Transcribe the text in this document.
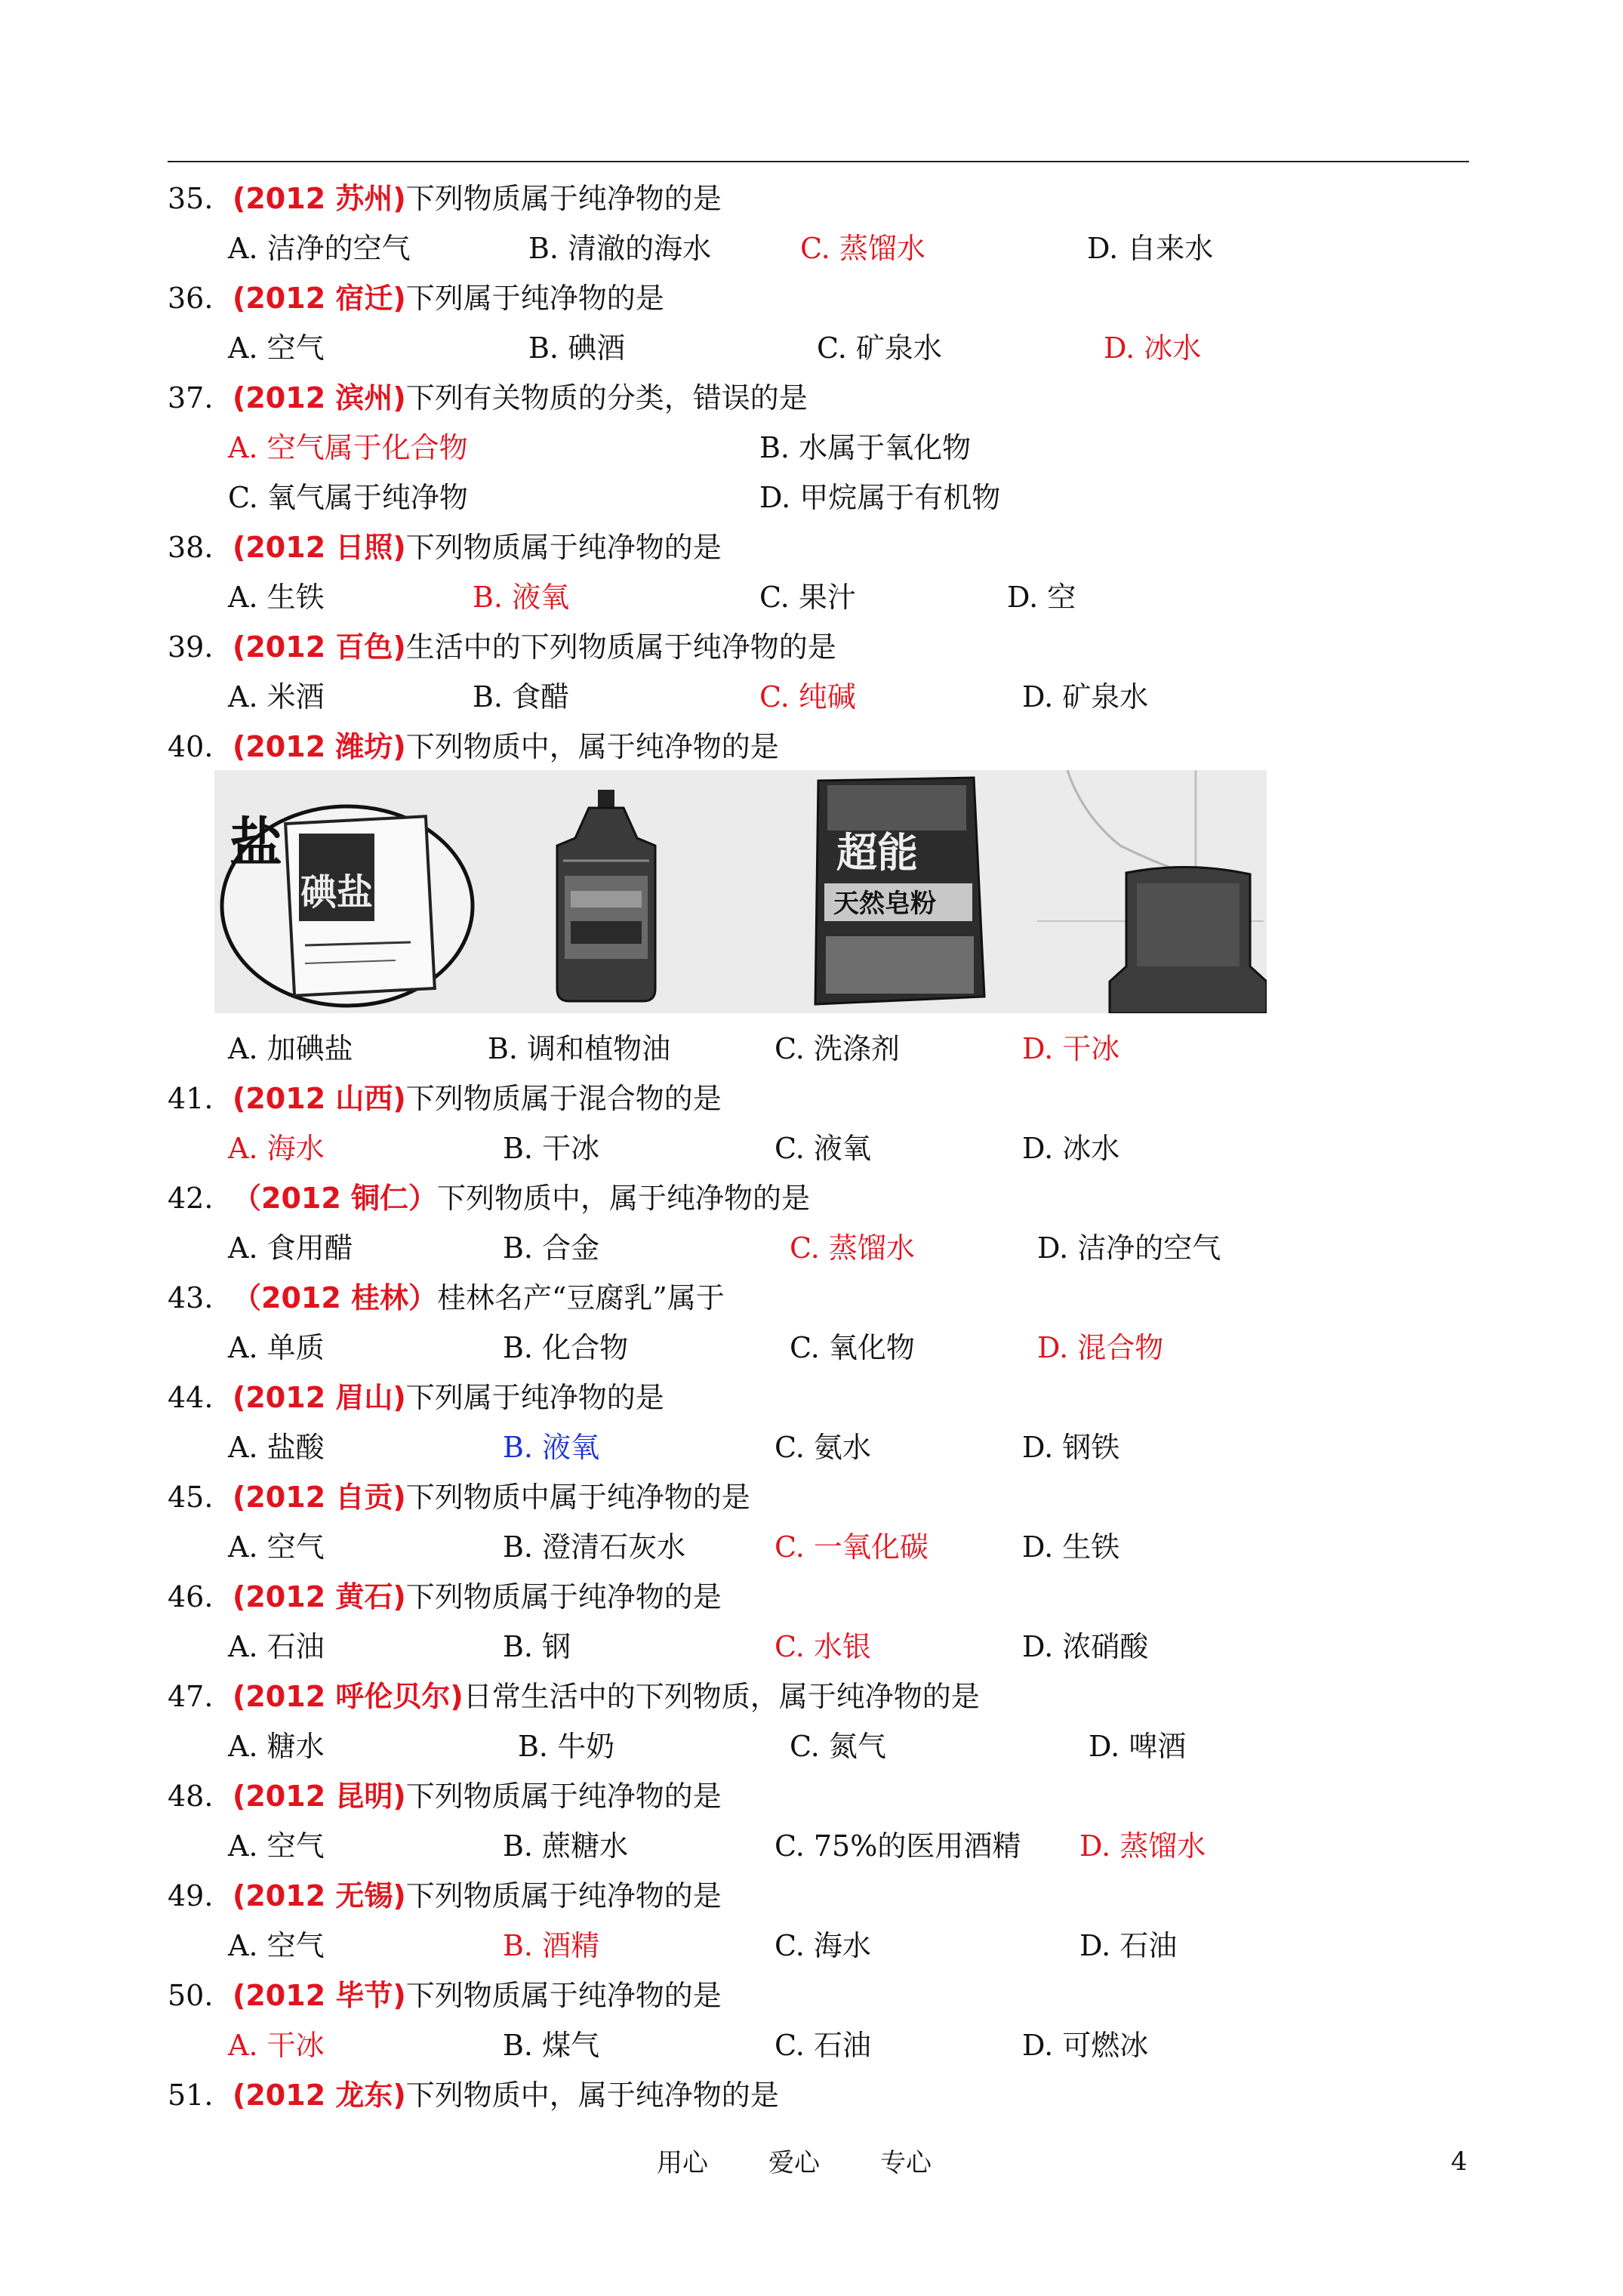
35. (2012 苏州)下列物质属于纯净物的是
A. 洁净的空气	B. 清澈的海水	C. 蒸馏水	D. 自来水
36. (2012 宿迁)下列属于纯净物的是
A. 空气	B. 碘酒	C. 矿泉水	D. 冰水
37. (2012 滨州)下列有关物质的分类，错误的是
A. 空气属于化合物	B. 水属于氧化物
C. 氧气属于纯净物	D. 甲烷属于有机物
38. (2012 日照)下列物质属于纯净物的是
A. 生铁	B. 液氧	C. 果汁	D. 空
39. (2012 百色)生活中的下列物质属于纯净物的是
A. 米酒	B. 食醋	C. 纯碱	D. 矿泉水
40. (2012 潍坊)下列物质中，属于纯净物的是
盐
碘盐
超能
天然皂粉
A. 加碘盐	B. 调和植物油	C. 洗涤剂	D. 干冰
41. (2012 山西)下列物质属于混合物的是
A. 海水	B. 干冰	C. 液氧	D. 冰水
42. （2012 铜仁）下列物质中，属于纯净物的是
A. 食用醋	B. 合金	C. 蒸馏水	D. 洁净的空气
43. （2012 桂林）桂林名产“豆腐乳”属于
A. 单质	B. 化合物	C. 氧化物	D. 混合物
44. (2012 眉山)下列属于纯净物的是
A. 盐酸	B. 液氧	C. 氨水	D. 钢铁
45. (2012 自贡)下列物质中属于纯净物的是
A. 空气	B. 澄清石灰水	C. 一氧化碳	D. 生铁
46. (2012 黄石)下列物质属于纯净物的是
A. 石油	B. 钢	C. 水银	D. 浓硝酸
47. (2012 呼伦贝尔)日常生活中的下列物质，属于纯净物的是
A. 糖水	B. 牛奶	C. 氮气	D. 啤酒
48. (2012 昆明)下列物质属于纯净物的是
A. 空气	B. 蔗糖水	C. 75%的医用酒精 D. 蒸馏水
49. (2012 无锡)下列物质属于纯净物的是
A. 空气	B. 酒精	C. 海水	D. 石油
50. (2012 毕节)下列物质属于纯净物的是
A. 干冰	B. 煤气	C. 石油	D. 可燃冰
51. (2012 龙东)下列物质中，属于纯净物的是
用心 爱心 专心	4
